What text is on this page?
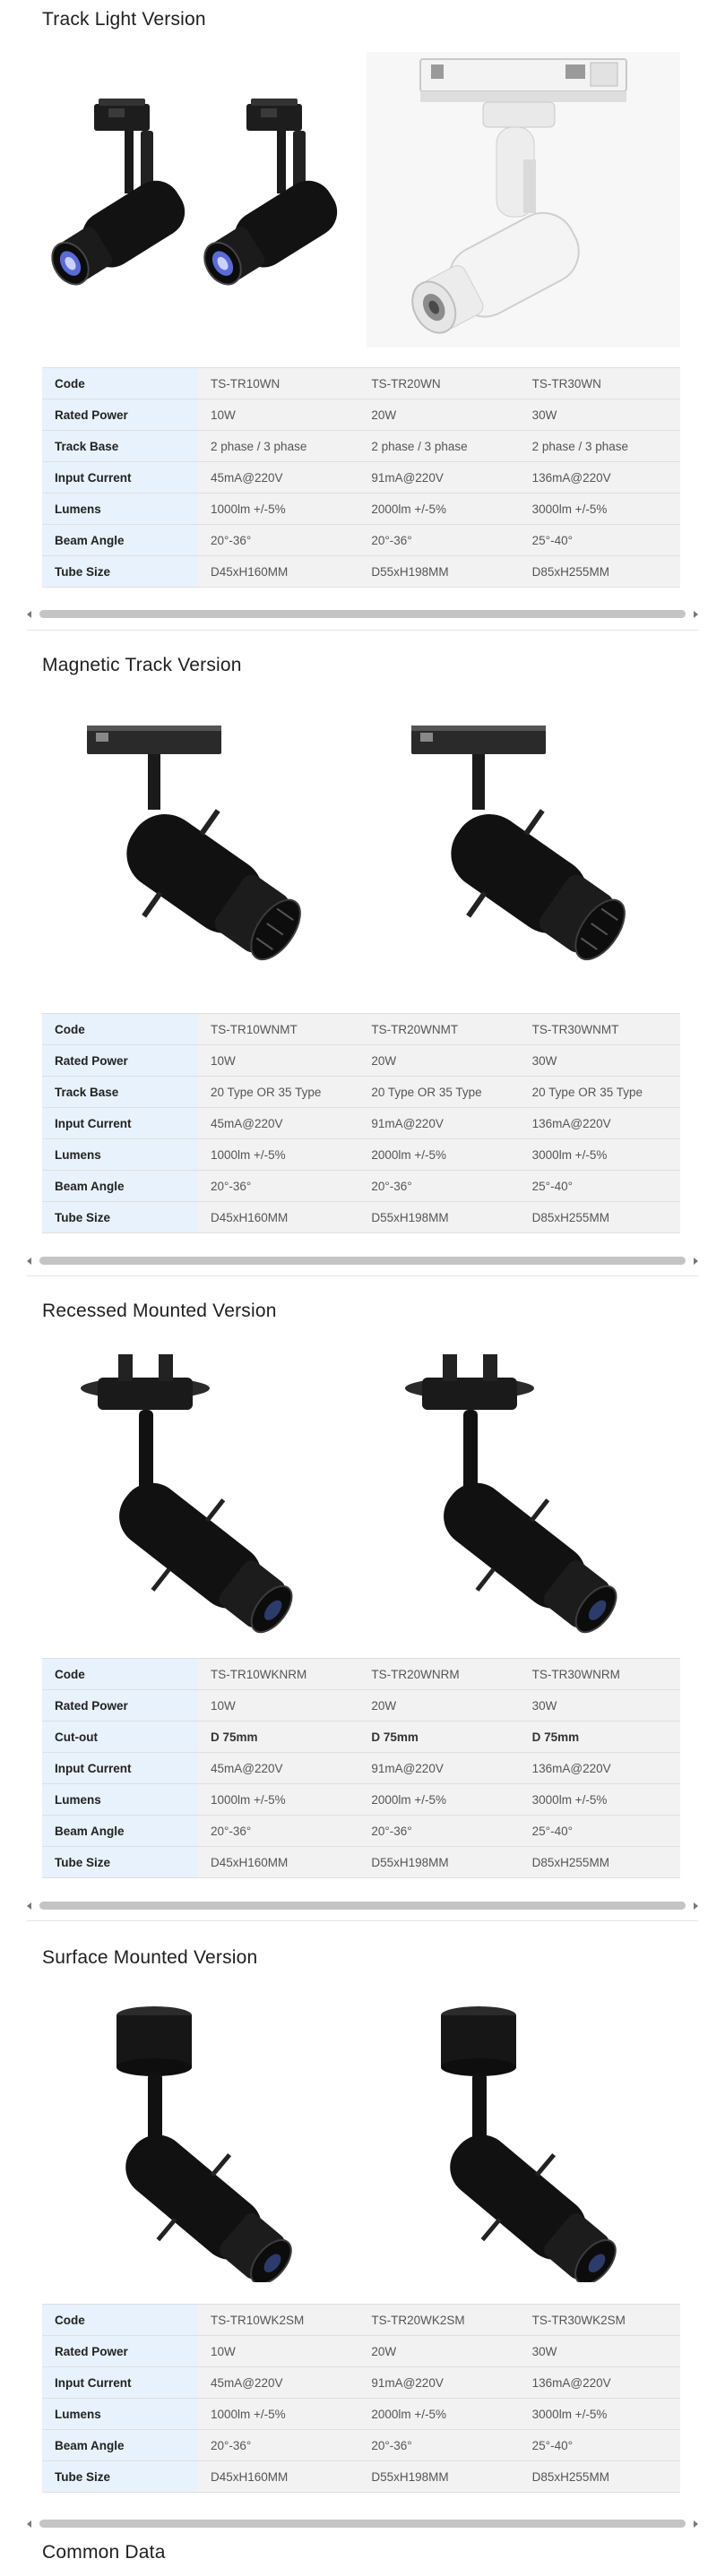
Track Light Version
Code	TS-TR10WN	TS-TR20WN	TS-TR30WN
Rated Power	10W	20W	30W
Track Base	2 phase / 3 phase	2 phase / 3 phase	2 phase / 3 phase
Input Current	45mA@220V	91mA@220V	136mA@220V
Lumens	1000lm +/-5%	2000lm +/-5%	3000lm +/-5%
Beam Angle	20°-36°	20°-36°	25°-40°
Tube Size	D45xH160MM	D55xH198MM	D85xH255MM
Magnetic Track Version
Code	TS-TR10WNMT	TS-TR20WNMT	TS-TR30WNMT
Rated Power	10W	20W	30W
Track Base	20 Type OR 35 Type	20 Type OR 35 Type	20 Type OR 35 Type
Input Current	45mA@220V	91mA@220V	136mA@220V
Lumens	1000lm +/-5%	2000lm +/-5%	3000lm +/-5%
Beam Angle	20°-36°	20°-36°	25°-40°
Tube Size	D45xH160MM	D55xH198MM	D85xH255MM
Recessed Mounted Version
Code	TS-TR10WKNRM	TS-TR20WNRM	TS-TR30WNRM
Rated Power	10W	20W	30W
Cut-out	D 75mm	D 75mm	D 75mm
Input Current	45mA@220V	91mA@220V	136mA@220V
Lumens	1000lm +/-5%	2000lm +/-5%	3000lm +/-5%
Beam Angle	20°-36°	20°-36°	25°-40°
Tube Size	D45xH160MM	D55xH198MM	D85xH255MM
Surface Mounted Version
Code	TS-TR10WK2SM	TS-TR20WK2SM	TS-TR30WK2SM
Rated Power	10W	20W	30W
Input Current	45mA@220V	91mA@220V	136mA@220V
Lumens	1000lm +/-5%	2000lm +/-5%	3000lm +/-5%
Beam Angle	20°-36°	20°-36°	25°-40°
Tube Size	D45xH160MM	D55xH198MM	D85xH255MM
Common Data
